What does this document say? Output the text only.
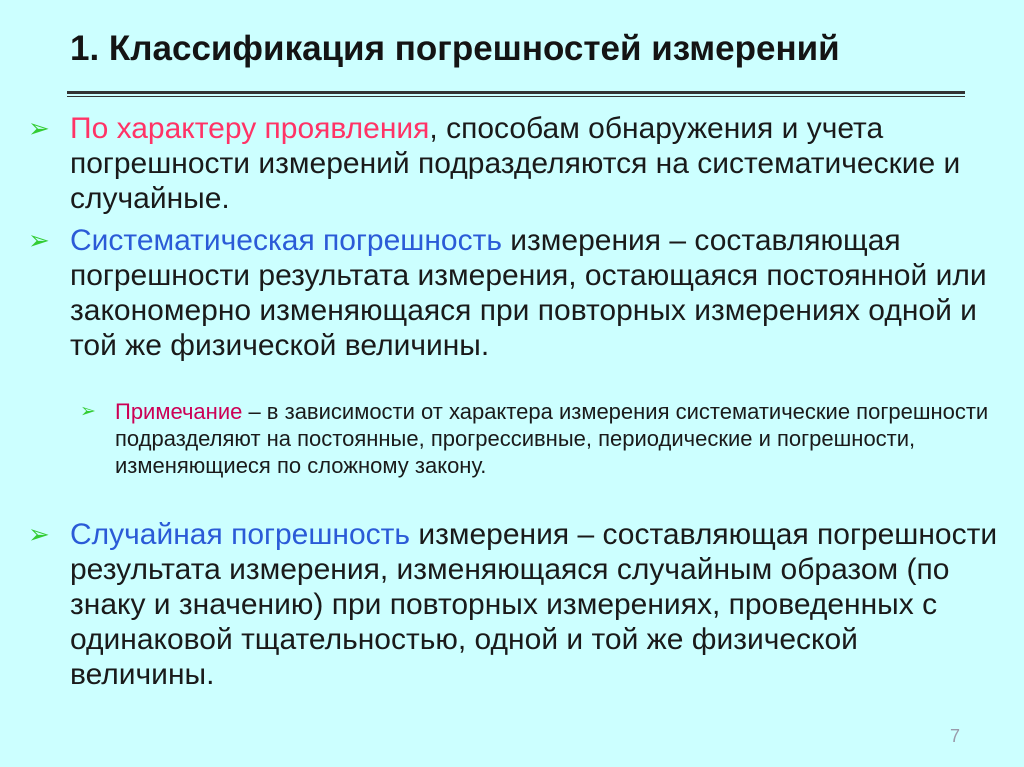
1. Классификация погрешностей измерений
➢ По характеру проявления, способам обнаружения и учета погрешности измерений подразделяются на систематические и случайные.
➢ Систематическая погрешность измерения – составляющая погрешности результата измерения, остающаяся постоянной или закономерно изменяющаяся при повторных измерениях одной и той же физической величины.
➢ Примечание – в зависимости от характера измерения систематические погрешности подразделяют на постоянные, прогрессивные, периодические и погрешности, изменяющиеся по сложному закону.
➢ Случайная погрешность измерения – составляющая погрешности результата измерения, изменяющаяся случайным образом (по знаку и значению) при повторных измерениях, проведенных с одинаковой тщательностью, одной и той же физической величины.
7
